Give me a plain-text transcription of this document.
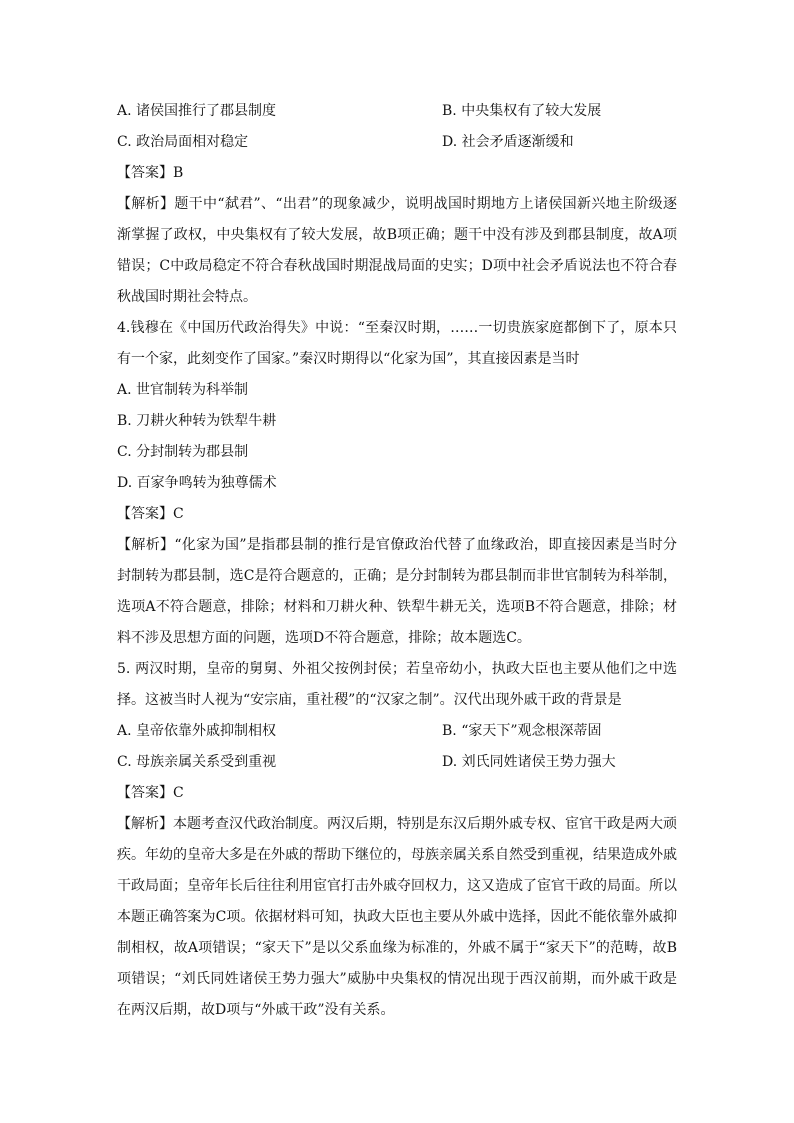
A. 诸侯国推行了郡县制度	B. 中央集权有了较大发展
C. 政治局面相对稳定	D. 社会矛盾逐渐缓和
【答案】B
【解析】题干中“弑君”、“出君”的现象减少，说明战国时期地方上诸侯国新兴地主阶级逐渐掌握了政权，中央集权有了较大发展，故B项正确；题干中没有涉及到郡县制度，故A项错误；C中政局稳定不符合春秋战国时期混战局面的史实；D项中社会矛盾说法也不符合春秋战国时期社会特点。
4.钱穆在《中国历代政治得失》中说：“至秦汉时期，……一切贵族家庭都倒下了，原本只有一个家，此刻变作了国家。”秦汉时期得以“化家为国”，其直接因素是当时
A. 世官制转为科举制
B. 刀耕火种转为铁犁牛耕
C. 分封制转为郡县制
D. 百家争鸣转为独尊儒术
【答案】C
【解析】“化家为国”是指郡县制的推行是官僚政治代替了血缘政治，即直接因素是当时分封制转为郡县制，选C是符合题意的，正确；是分封制转为郡县制而非世官制转为科举制，选项A不符合题意，排除；材料和刀耕火种、铁犁牛耕无关，选项B不符合题意，排除；材料不涉及思想方面的问题，选项D不符合题意，排除；故本题选C。
5. 两汉时期，皇帝的舅舅、外祖父按例封侯；若皇帝幼小，执政大臣也主要从他们之中选择。这被当时人视为“安宗庙，重社稷”的“汉家之制”。汉代出现外戚干政的背景是
A. 皇帝依靠外戚抑制相权	B. “家天下”观念根深蒂固
C. 母族亲属关系受到重视	D. 刘氏同姓诸侯王势力强大
【答案】C
【解析】本题考查汉代政治制度。两汉后期，特别是东汉后期外戚专权、宦官干政是两大顽疾。年幼的皇帝大多是在外戚的帮助下继位的，母族亲属关系自然受到重视，结果造成外戚干政局面；皇帝年长后往往利用宦官打击外戚夺回权力，这又造成了宦官干政的局面。所以本题正确答案为C项。依据材料可知，执政大臣也主要从外戚中选择，因此不能依靠外戚抑制相权，故A项错误；“家天下”是以父系血缘为标准的，外戚不属于“家天下”的范畴，故B项错误；“刘氏同姓诸侯王势力强大”威胁中央集权的情况出现于西汉前期，而外戚干政是在两汉后期，故D项与“外戚干政”没有关系。
